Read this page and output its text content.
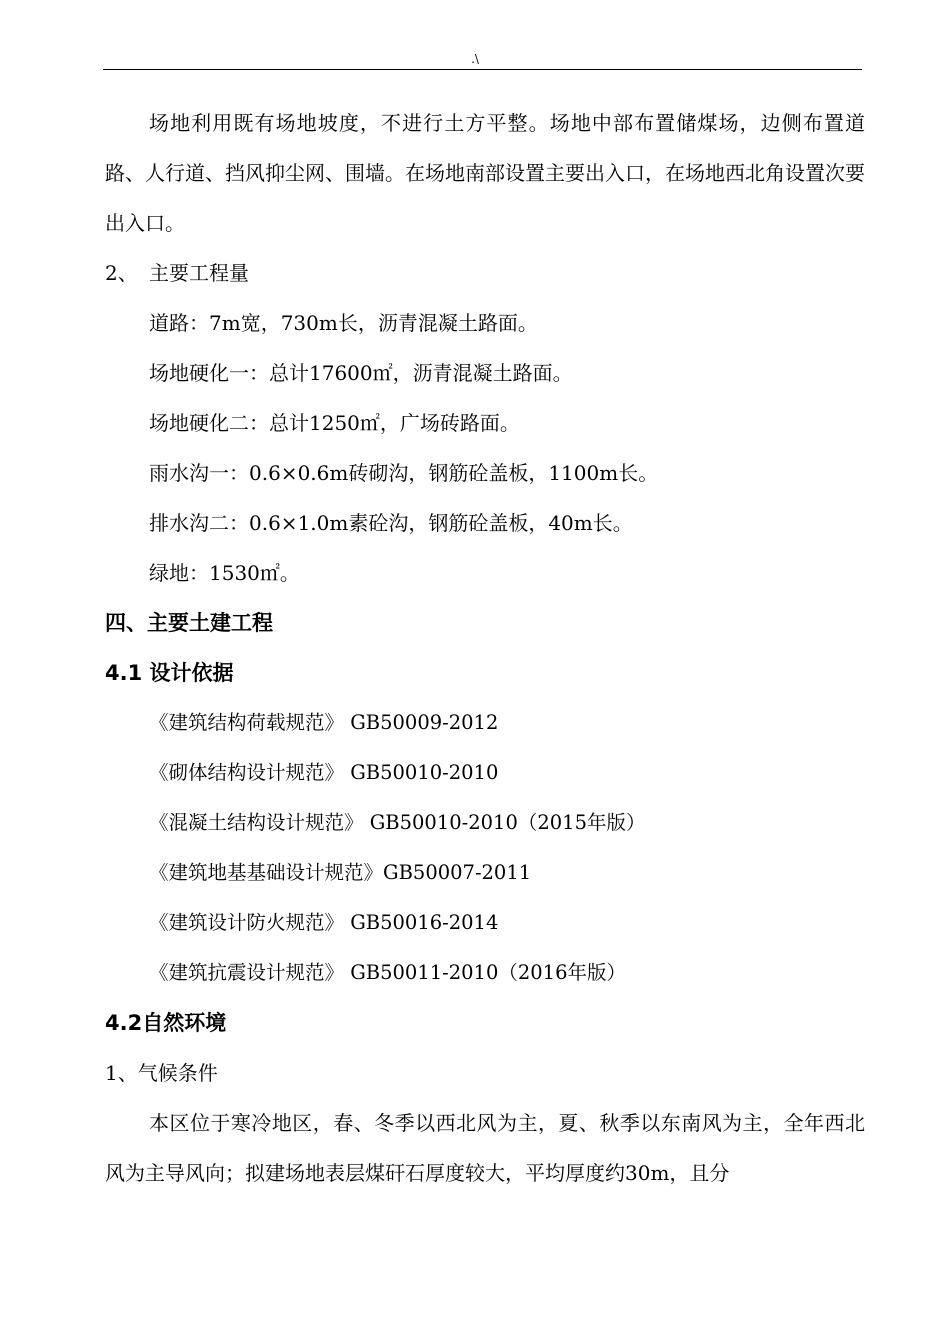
.\

场地利用既有场地坡度，不进行土方平整。场地中部布置储煤场，边侧布置道路、人行道、挡风抑尘网、围墙。在场地南部设置主要出入口，在场地西北角设置次要出入口。

2、 主要工程量

道路：7m宽，730m长，沥青混凝土路面。

场地硬化一：总计17600㎡，沥青混凝土路面。

场地硬化二：总计1250㎡，广场砖路面。

雨水沟一：0.6×0.6m砖砌沟，钢筋砼盖板，1100m长。

排水沟二：0.6×1.0m素砼沟，钢筋砼盖板，40m长。

绿地：1530㎡。

四、主要土建工程

4.1 设计依据

《建筑结构荷载规范》 GB50009-2012

《砌体结构设计规范》 GB50010-2010

《混凝土结构设计规范》 GB50010-2010（2015年版）

《建筑地基基础设计规范》GB50007-2011

《建筑设计防火规范》 GB50016-2014

《建筑抗震设计规范》 GB50011-2010（2016年版）

4.2自然环境

1、气候条件

本区位于寒冷地区，春、冬季以西北风为主，夏、秋季以东南风为主，全年西北风为主导风向；拟建场地表层煤矸石厚度较大，平均厚度约30m，且分
